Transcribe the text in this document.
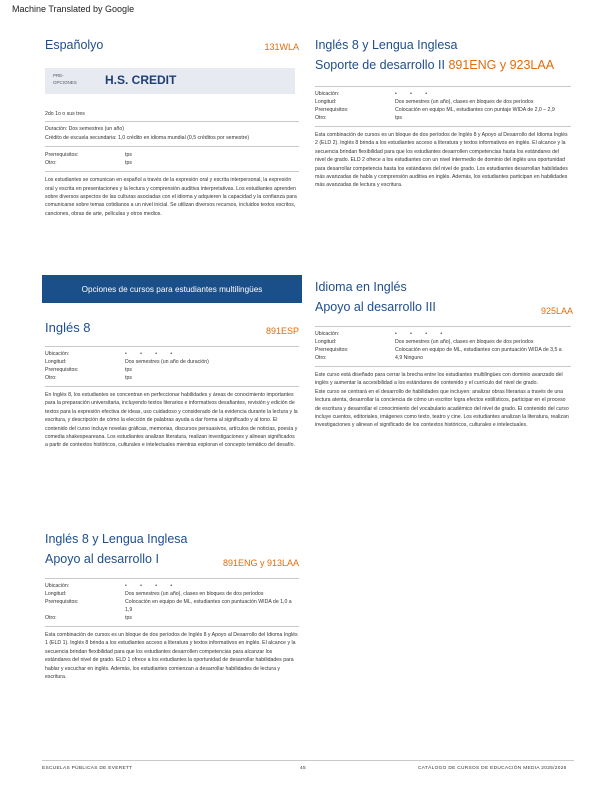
Machine Translated by Google
Españolyo	131WLA
PRE-
OPCIONES H.S. CREDIT
2do 1o o sus tres
Duración: Dos semestres (un año)
Crédito de escuela secundaria: 1,0 crédito en idioma mundial (0,5 créditos por semestre)
Prerrequisitos:	tps
Otro:	tps

Los estudiantes se comunican en español a través de la expresión oral y escrita interpersonal, la expresión oral y escrita en presentaciones y la lectura y comprensión auditiva interpretativas. Los estudiantes aprenden sobre diversos aspectos de las culturas asociadas con el idioma y adquieren la capacidad y la confianza para comunicarse sobre temas cotidianos a un nivel inicial. Se utilizan diversos recursos, incluidos textos escritos, canciones, obras de arte, películas y otros medios.

Opciones de cursos para estudiantes multilingües
Inglés 8	891ESP
Ubicación:	• • • •
Longitud:	Dos semestres (un año de duración)
Prerrequisitos:	tps
Otro:	tps

En Inglés 8, los estudiantes se concentran en perfeccionar habilidades y áreas de conocimiento importantes para la preparación universitaria, incluyendo textos literarios e informativos desafiantes, revisión y edición de textos para la expresión efectiva de ideas, uso cuidadoso y considerado de la evidencia durante la lectura y la escritura, y descripción de cómo la elección de palabras ayuda a dar forma al significado y al tono. El contenido del curso incluye novelas gráficas, memorias, discursos persuasivos, artículos de noticias, poesía y comedia shakespeareana. Los estudiantes analizan literatura, realizan investigaciones y alinean significados a partir de contextos históricos, culturales e intelectuales mientras exploran el concepto temático del desafío.

Inglés 8 y Lengua Inglesa
Apoyo al desarrollo I	891ENG y 913LAA
Ubicación:	• • • •
Longitud:	Dos semestres (un año), clases en bloques de dos períodos
Prerrequisitos:	Colocación en equipo de ML, estudiantes con puntuación WIDA de 1,0 a 1,9
Otro:	tps

Esta combinación de cursos es un bloque de dos períodos de Inglés 8 y Apoyo al Desarrollo del Idioma Inglés 1 (ELD 1). Inglés 8 brinda a los estudiantes acceso a literatura y textos informativos en inglés. El alcance y la secuencia brindan flexibilidad para que los estudiantes desarrollen competencias para alcanzar los estándares del nivel de grado. ELD 1 ofrece a los estudiantes la oportunidad de desarrollar habilidades para hablar y escuchar en inglés. Además, los estudiantes comienzan a desarrollar habilidades de lectura y escritura.

Inglés 8 y Lengua Inglesa
Soporte de desarrollo II 891ENG y 923LAA
Ubicación:	• • •
Longitud:	Dos semestres (un año), clases en bloques de dos períodos
Prerrequisitos:	Colocación en equipo ML, estudiantes con puntaje WIDA de 2,0 – 2,9
Otro:	tps

Esta combinación de cursos es un bloque de dos períodos de Inglés 8 y Apoyo al Desarrollo del Idioma Inglés 2 (ELD 2). Inglés 8 brinda a los estudiantes acceso a literatura y textos informativos en inglés. El alcance y la secuencia brindan flexibilidad para que los estudiantes desarrollen competencias hasta los estándares del nivel de grado. ELD 2 ofrece a los estudiantes con un nivel intermedio de dominio del inglés una oportunidad para desarrollar competencia hasta los estándares del nivel de grado. Los estudiantes desarrollan habilidades más avanzadas de habla y comprensión auditiva en inglés. Además, los estudiantes participan en habilidades más avanzadas de lectura y escritura.

Idioma en Inglés
Apoyo al desarrollo III	925LAA
Ubicación:	• • • •
Longitud:	Dos semestres (un año), clases en bloques de dos períodos
Prerrequisitos:	Colocación en equipo de ML, estudiantes con puntuación WIDA de 3,5 a
Otro:	4,9 Ninguno

Este curso está diseñado para cerrar la brecha entre los estudiantes multilingües con dominio avanzado del inglés y aumentar la accesibilidad a los estándares de contenido y el currículo del nivel de grado.

Este curso se centrará en el desarrollo de habilidades que incluyen: analizar obras literarias a través de una lectura atenta, desarrollar la conciencia de cómo un escritor logra efectos estilísticos, participar en el proceso de escritura y desarrollar el conocimiento del vocabulario académico del nivel de grado. El contenido del curso incluye cuentos, editoriales, imágenes como texto, teatro y cine. Los estudiantes analizan la literatura, realizan investigaciones y alinean el significado de los contextos históricos, culturales e intelectuales.

ESCUELAS PÚBLICAS DE EVERETT	45	CATÁLOGO DE CURSOS DE EDUCACIÓN MEDIA 2025/2026
